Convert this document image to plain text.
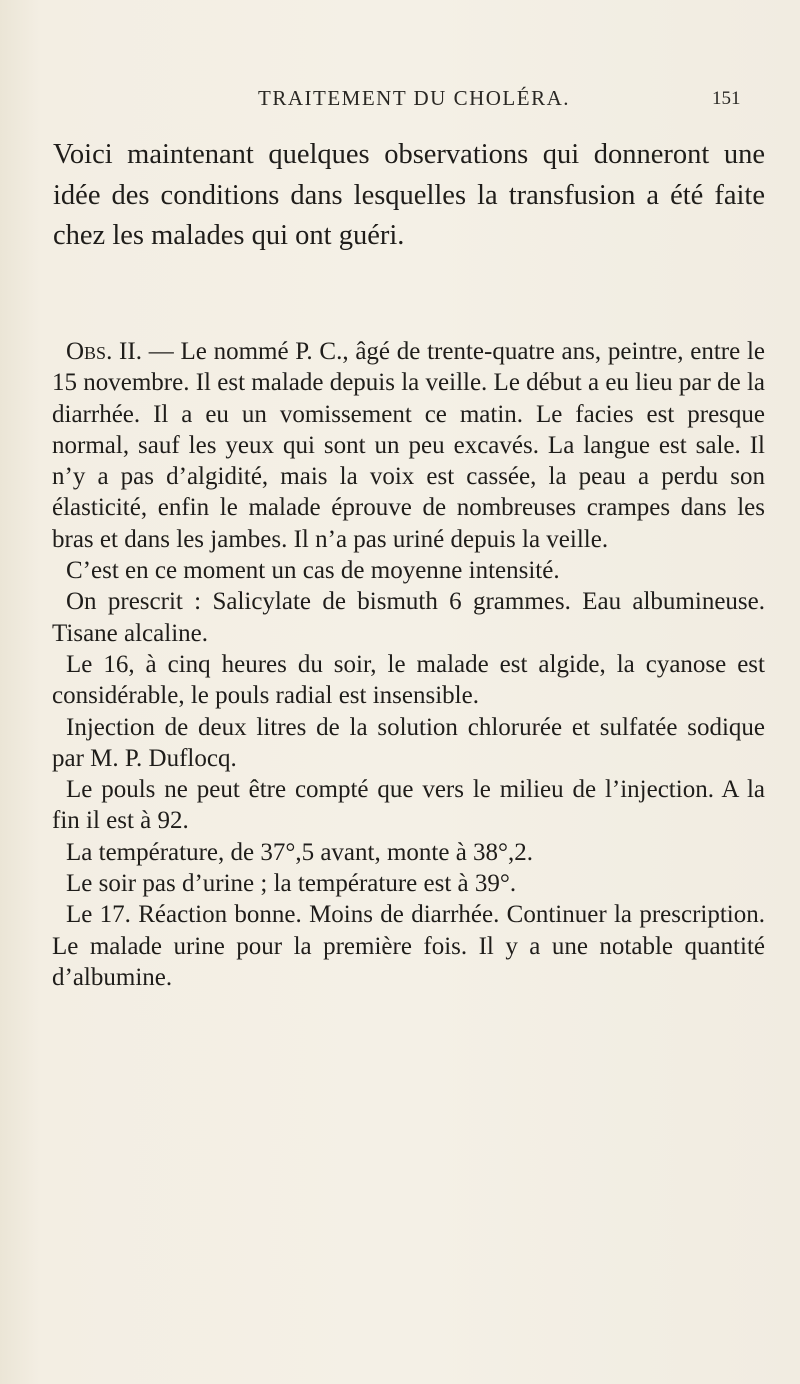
TRAITEMENT DU CHOLÉRA.	151

Voici maintenant quelques observations qui donneront une idée des conditions dans lesquelles la transfusion a été faite chez les malades qui ont guéri.

Obs. II. — Le nommé P. C., âgé de trente-quatre ans, peintre, entre le 15 novembre. Il est malade depuis la veille. Le début a eu lieu par de la diarrhée. Il a eu un vomissement ce matin. Le facies est presque normal, sauf les yeux qui sont un peu excavés. La langue est sale. Il n’y a pas d’algidité, mais la voix est cassée, la peau a perdu son élasticité, enfin le malade éprouve de nombreuses crampes dans les bras et dans les jambes. Il n’a pas uriné depuis la veille.

C’est en ce moment un cas de moyenne intensité.

On prescrit : Salicylate de bismuth 6 grammes. Eau albumineuse. Tisane alcaline.

Le 16, à cinq heures du soir, le malade est algide, la cyanose est considérable, le pouls radial est insensible.

Injection de deux litres de la solution chlorurée et sulfatée sodique par M. P. Duflocq.

Le pouls ne peut être compté que vers le milieu de l’injection. A la fin il est à 92.

La température, de 37°,5 avant, monte à 38°,2.

Le soir pas d’urine ; la température est à 39°.

Le 17. Réaction bonne. Moins de diarrhée. Continuer la prescription. Le malade urine pour la première fois. Il y a une notable quantité d’albumine.
